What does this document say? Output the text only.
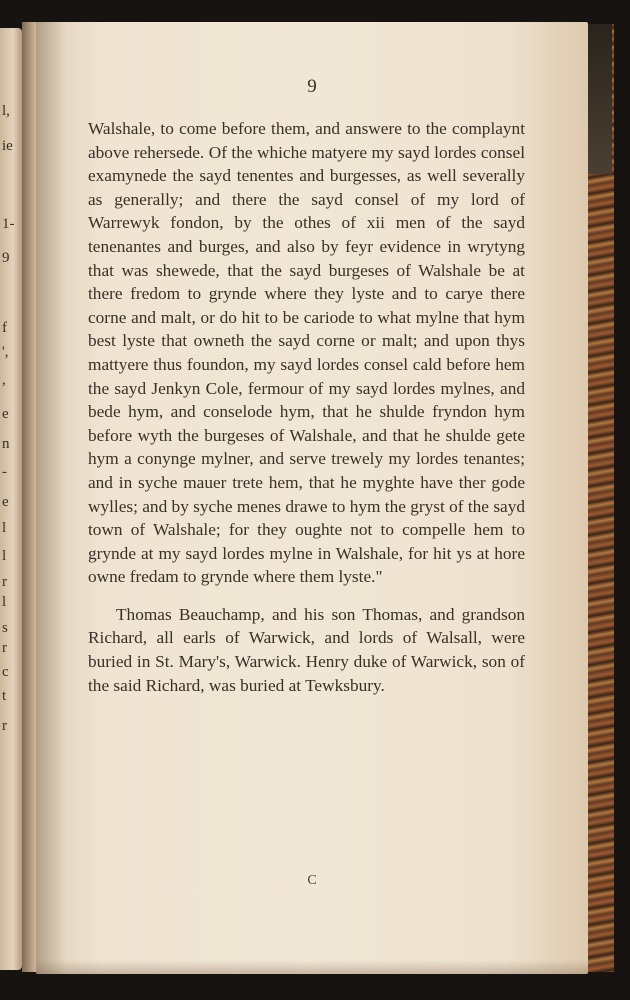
l,
ie
1-
9
f
',
,
e
n
-
e
l
l
r
l
s
r
c
t
r
9

Walshale, to come before them, and answere to the complaynt above rehersede. Of the whiche matyere my sayd lordes consel examynede the sayd tenentes and burgesses, as well severally as generally; and there the sayd consel of my lord of Warrewyk fondon, by the othes of xii men of the sayd tenenantes and burges, and also by feyr evidence in wrytyng that was shewede, that the sayd burgeses of Walshale be at there fredom to grynde where they lyste and to carye there corne and malt, or do hit to be cariode to what mylne that hym best lyste that owneth the sayd corne or malt; and upon thys mattyere thus foundon, my sayd lordes consel cald before hem the sayd Jenkyn Cole, fermour of my sayd lordes mylnes, and bede hym, and conselode hym, that he shulde fryndon hym before wyth the burgeses of Walshale, and that he shulde gete hym a conynge mylner, and serve trewely my lordes tenantes; and in syche mauer trete hem, that he myghte have ther gode wylles; and by syche menes drawe to hym the gryst of the sayd town of Walshale; for they oughte not to compelle hem to grynde at my sayd lordes mylne in Walshale, for hit ys at hore owne fredam to grynde where them lyste."

Thomas Beauchamp, and his son Thomas, and grandson Richard, all earls of Warwick, and lords of Walsall, were buried in St. Mary's, Warwick. Henry duke of Warwick, son of the said Richard, was buried at Tewksbury.

C
